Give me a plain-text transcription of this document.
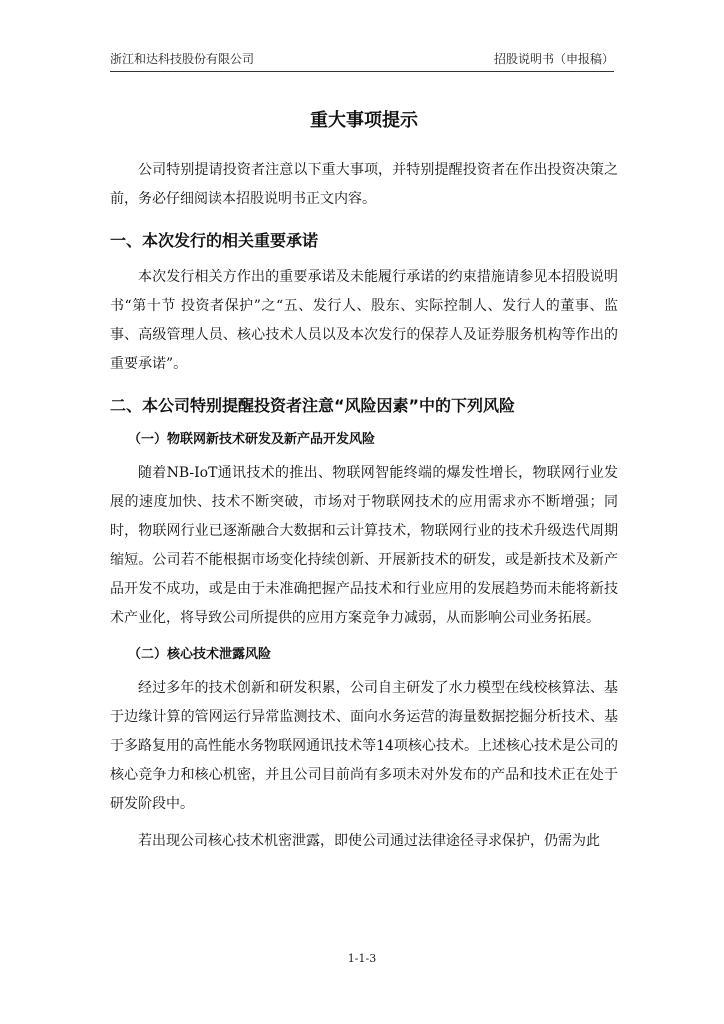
浙江和达科技股份有限公司	招股说明书（申报稿）
重大事项提示

公司特别提请投资者注意以下重大事项，并特别提醒投资者在作出投资决策之前，务必仔细阅读本招股说明书正文内容。

一、本次发行的相关重要承诺

本次发行相关方作出的重要承诺及未能履行承诺的约束措施请参见本招股说明书“第十节 投资者保护”之“五、发行人、股东、实际控制人、发行人的董事、监事、高级管理人员、核心技术人员以及本次发行的保荐人及证券服务机构等作出的重要承诺”。

二、本公司特别提醒投资者注意“风险因素”中的下列风险
（一）物联网新技术研发及新产品开发风险

随着NB-IoT通讯技术的推出、物联网智能终端的爆发性增长，物联网行业发展的速度加快、技术不断突破，市场对于物联网技术的应用需求亦不断增强；同时，物联网行业已逐渐融合大数据和云计算技术，物联网行业的技术升级迭代周期缩短。公司若不能根据市场变化持续创新、开展新技术的研发，或是新技术及新产品开发不成功，或是由于未准确把握产品技术和行业应用的发展趋势而未能将新技术产业化，将导致公司所提供的应用方案竞争力减弱，从而影响公司业务拓展。

（二）核心技术泄露风险

经过多年的技术创新和研发积累，公司自主研发了水力模型在线校核算法、基于边缘计算的管网运行异常监测技术、面向水务运营的海量数据挖掘分析技术、基于多路复用的高性能水务物联网通讯技术等14项核心技术。上述核心技术是公司的核心竞争力和核心机密，并且公司目前尚有多项未对外发布的产品和技术正在处于研发阶段中。

若出现公司核心技术机密泄露，即使公司通过法律途径寻求保护，仍需为此

1-1-3
